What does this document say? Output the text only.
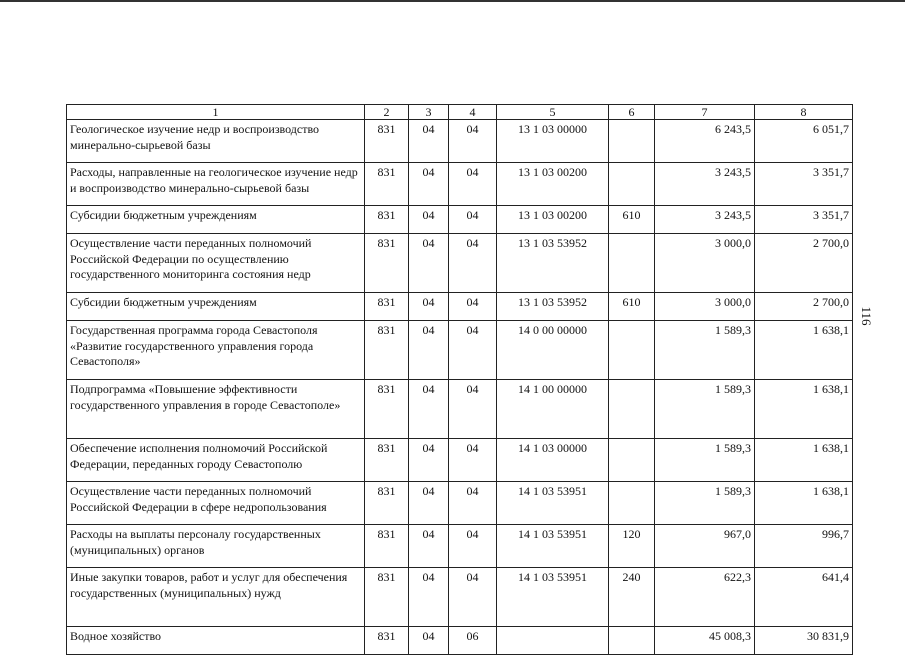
116
1	2	3	4	5	6	7	8
Геологическое изучение недр и воспроизводство минерально-сырьевой базы	831	04	04	13 1 03 00000		6 243,5	6 051,7
Расходы, направленные на геологическое изучение недр и воспроизводство минерально-сырьевой базы	831	04	04	13 1 03 00200		3 243,5	3 351,7
Субсидии бюджетным учреждениям	831	04	04	13 1 03 00200	610	3 243,5	3 351,7
Осуществление части переданных полномочий Российской Федерации по осуществлению государственного мониторинга состояния недр	831	04	04	13 1 03 53952		3 000,0	2 700,0
Субсидии бюджетным учреждениям	831	04	04	13 1 03 53952	610	3 000,0	2 700,0
Государственная программа города Севастополя «Развитие государственного управления города Севастополя»	831	04	04	14 0 00 00000		1 589,3	1 638,1
Подпрограмма «Повышение эффективности государственного управления в городе Севастополе»	831	04	04	14 1 00 00000		1 589,3	1 638,1
Обеспечение исполнения полномочий Российской Федерации, переданных городу Севастополю	831	04	04	14 1 03 00000		1 589,3	1 638,1
Осуществление части переданных полномочий Российской Федерации в сфере недропользования	831	04	04	14 1 03 53951		1 589,3	1 638,1
Расходы на выплаты персоналу государственных (муниципальных) органов	831	04	04	14 1 03 53951	120	967,0	996,7
Иные закупки товаров, работ и услуг для обеспечения государственных (муниципальных) нужд	831	04	04	14 1 03 53951	240	622,3	641,4
Водное хозяйство	831	04	06			45 008,3	30 831,9
